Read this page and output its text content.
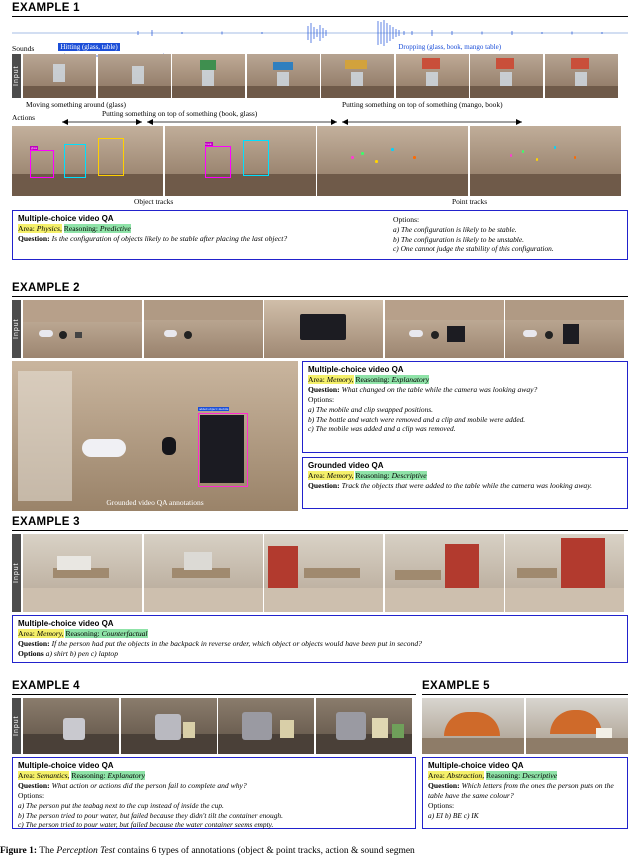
EXAMPLE 1
Sounds	Hitting (glass, table)	Dropping (glass, book, mango table)
Input
Moving something around (glass)	Putting something on top of something (mango, book)
Actions	Putting something on top of something (book, glass)
glass
book
Object tracks	Point tracks
Multiple-choice video QA
Area: Physics, Reasoning: Predictive
Question: Is the configuration of objects likely to be stable after placing the last object?
Options:
a) The configuration is likely to be stable.
b) The configuration is likely to be unstable.
c) One cannot judge the stability of this configuration.
EXAMPLE 2
Input
added object: mobile
Grounded video QA annotations
Multiple-choice video QA
Area: Memory, Reasoning: Explanatory
Question: What changed on the table while the camera was looking away?
Options:
a) The mobile and clip swapped positions.
b) The bottle and watch were removed and a clip and mobile were added.
c) The mobile was added and a clip was removed.
Grounded video QA
Area: Memory, Reasoning: Descriptive
Question: Track the objects that were added to the table while the camera was looking away.
EXAMPLE 3
Input
Multiple-choice video QA
Area: Memory, Reasoning: Counterfactual
Question: If the person had put the objects in the backpack in reverse order, which object or objects would have been put in second?
Options a) shirt b) pen c) laptop
EXAMPLE 4
Input
Multiple-choice video QA
Area: Semantics, Reasoning: Explanatory
Question: What action or actions did the person fail to complete and why?
Options:
a) The person put the teabag next to the cup instead of inside the cup.
b) The person tried to pour water, but failed because they didn't tilt the container enough.
c) The person tried to pour water, but failed because the water container seems empty.
EXAMPLE 5
Multiple-choice video QA
Area: Abstraction, Reasoning: Descriptive
Question: Which letters from the ones the person puts on the table have the same colour?
Options:
a) EI b) BE c) IK
Figure 1: The Perception Test contains 6 types of annotations (object & point tracks, action & sound segmen
